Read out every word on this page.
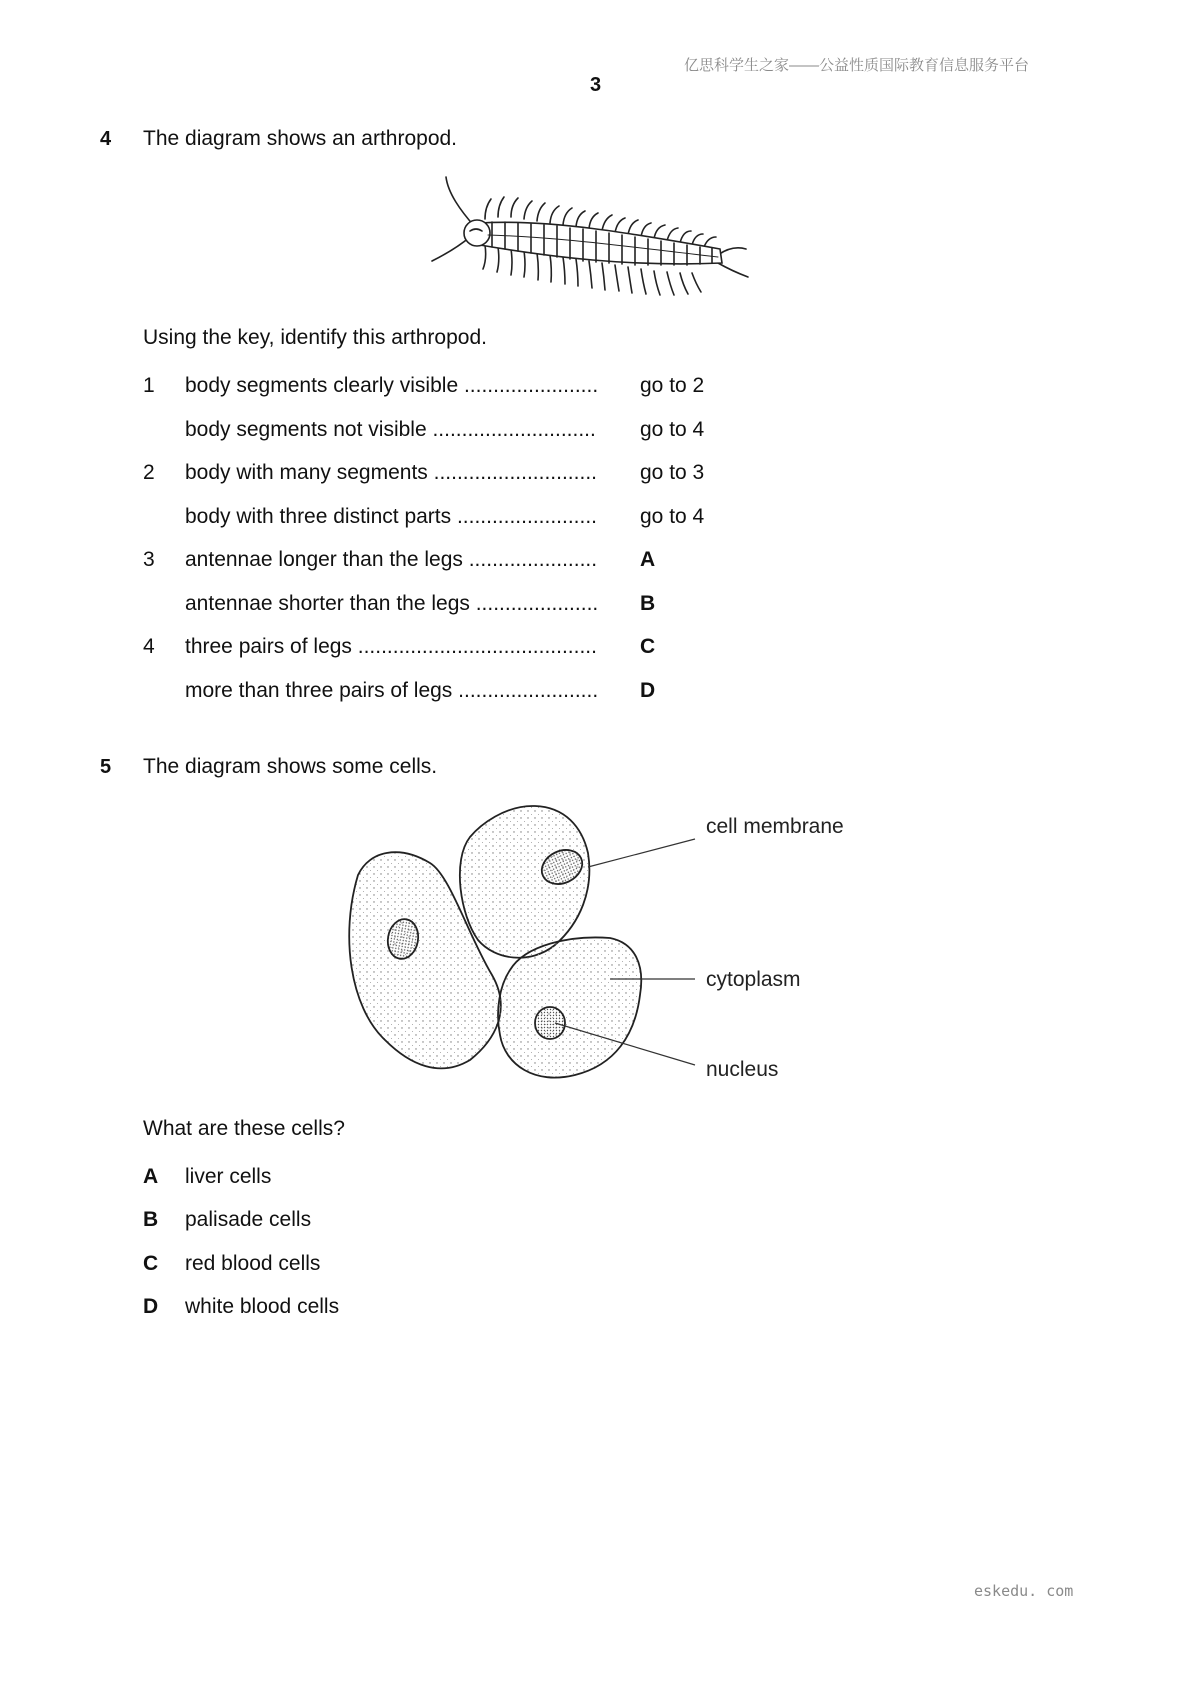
亿思科学生之家——公益性质国际教育信息服务平台
3
4 The diagram shows an arthropod.
Using the key, identify this arthropod.
1 body segments clearly visible ....................... go to 2
body segments not visible ............................ go to 4
2 body with many segments ............................ go to 3
body with three distinct parts ........................ go to 4
3 antennae longer than the legs ...................... A
antennae shorter than the legs ..................... B
4 three pairs of legs ......................................... C
more than three pairs of legs ........................ D
5 The diagram shows some cells.
cell membrane
cytoplasm
nucleus
What are these cells?
A liver cells
B palisade cells
C red blood cells
D white blood cells
eskedu. com
